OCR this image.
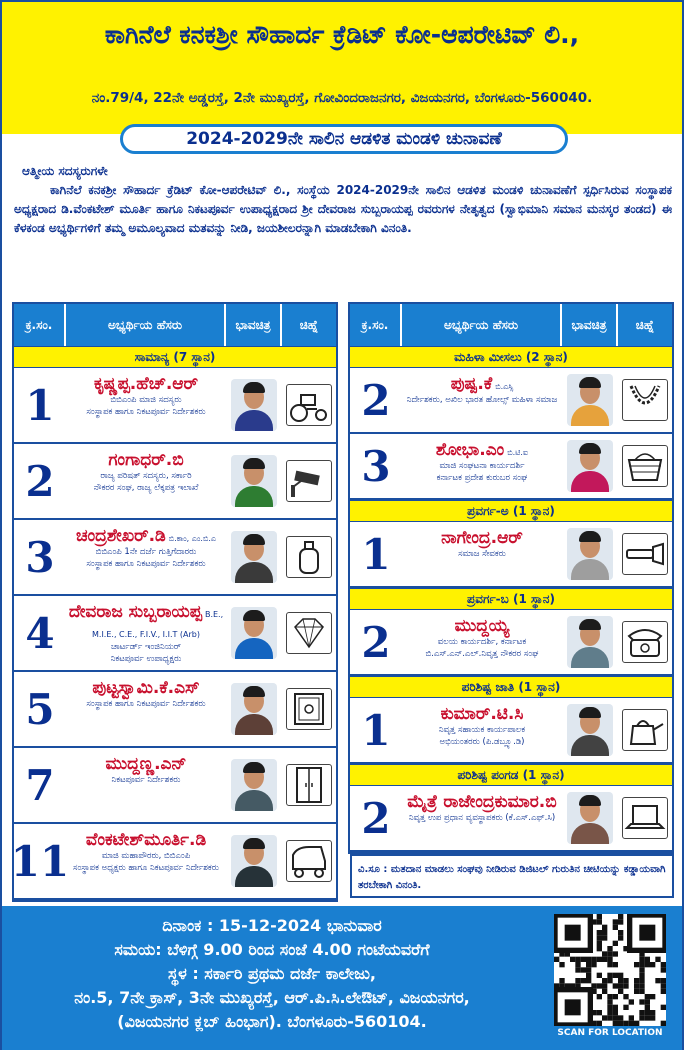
ಕಾಗಿನೆಲೆ ಕನಕಶ್ರೀ ಸೌಹಾರ್ದ ಕ್ರೆಡಿಟ್ ಕೋ-ಆಪರೇಟಿವ್ ಲಿ.,
ನಂ.79/4, 22ನೇ ಅಡ್ಡರಸ್ತೆ, 2ನೇ ಮುಖ್ಯರಸ್ತೆ, ಗೋವಿಂದರಾಜನಗರ, ವಿಜಯನಗರ, ಬೆಂಗಳೂರು-560040.
2024-2029ನೇ ಸಾಲಿನ ಆಡಳಿತ ಮಂಡಳಿ ಚುನಾವಣೆ
ಆತ್ಮೀಯ ಸದಸ್ಯರುಗಳೇ
ಕಾಗಿನೆಲೆ ಕನಕಶ್ರೀ ಸೌಹಾರ್ದ ಕ್ರೆಡಿಟ್ ಕೋ-ಆಪರೇಟಿವ್ ಲಿ., ಸಂಸ್ಥೆಯ 2024-2029ನೇ ಸಾಲಿನ ಆಡಳಿತ ಮಂಡಳಿ ಚುನಾವಣೆಗೆ ಸ್ಪರ್ಧಿಸಿರುವ ಸಂಸ್ಥಾಪಕ ಅಧ್ಯಕ್ಷರಾದ ಡಿ.ವೆಂಕಟೇಶ್ ಮೂರ್ತಿ ಹಾಗೂ ನಿಕಟಪೂರ್ವ ಉಪಾಧ್ಯಕ್ಷರಾದ ಶ್ರೀ ದೇವರಾಜ ಸುಬ್ಬರಾಯಪ್ಪ ರವರುಗಳ ನೇತೃತ್ವದ (ಸ್ವಾಭಿಮಾನಿ ಸಮಾನ ಮನಸ್ಕರ ತಂಡದ) ಈ ಕೆಳಕಂಡ ಅಭ್ಯರ್ಥಿಗಳಿಗೆ ತಮ್ಮ ಅಮೂಲ್ಯವಾದ ಮತವನ್ನು ನೀಡಿ, ಜಯಶೀಲರನ್ನಾಗಿ ಮಾಡಬೇಕಾಗಿ ವಿನಂತಿ.
ಕ್ರ.ಸಂ.	ಅಭ್ಯರ್ಥಿಯ ಹೆಸರು	ಭಾವಚಿತ್ರ	ಚಿಹ್ನೆ
ಸಾಮಾನ್ಯ (7 ಸ್ಥಾನ)
1	ಕೃಷ್ಣಪ್ಪ.ಹೆಚ್.ಆರ್
ಬಿಬಿಎಂಪಿ ಮಾಜಿ ಸದಸ್ಯರು
ಸಂಸ್ಥಾಪಕ ಹಾಗೂ ನಿಕಟಪೂರ್ವ ನಿರ್ದೇಶಕರು
2	ಗಂಗಾಧರ್.ಬಿ
ರಾಜ್ಯ ಪರಿಷತ್ ಸದಸ್ಯರು, ಸರ್ಕಾರಿ
ನೌಕರರ ಸಂಘ, ರಾಜ್ಯ ಲೆಕ್ಕಪತ್ರ ಇಲಾಖೆ
3	ಚಂದ್ರಶೇಖರ್.ಡಿ ಬಿ.ಕಾಂ, ಎಂ.ಬಿ.ಎ
ಬಿಬಿಎಂಪಿ 1ನೇ ದರ್ಜೆ ಗುತ್ತಿಗೆದಾರರು
ಸಂಸ್ಥಾಪಕ ಹಾಗೂ ನಿಕಟಪೂರ್ವ ನಿರ್ದೇಶಕರು
4 ದೇವರಾಜ ಸುಬ್ಬರಾಯಪ್ಪ B.E., M.I.E., C.E., F.I.V., I.I.T (Arb)
ಚಾರ್ಟರ್ಡ್ ಇಂಜಿನಿಯರ್
ನಿಕಟಪೂರ್ವ ಉಪಾಧ್ಯಕ್ಷರು
5	ಪುಟ್ಟಸ್ವಾಮಿ.ಕೆ.ಎಸ್
ಸಂಸ್ಥಾಪಕ ಹಾಗೂ ನಿಕಟಪೂರ್ವ ನಿರ್ದೇಶಕರು
7	ಮುದ್ದಣ್ಣ.ಎನ್
ನಿಕಟಪೂರ್ವ ನಿರ್ದೇಶಕರು
11 ವೆಂಕಟೇಶ್‌ಮೂರ್ತಿ.ಡಿ
ಮಾಜಿ ಮಹಾಪೌರರು, ಬಿಬಿಎಂಪಿ
ಸಂಸ್ಥಾಪಕ ಅಧ್ಯಕ್ಷರು ಹಾಗೂ ನಿಕಟಪೂರ್ವ ನಿರ್ದೇಶಕರು
ಕ್ರ.ಸಂ.	ಅಭ್ಯರ್ಥಿಯ ಹೆಸರು	ಭಾವಚಿತ್ರ	ಚಿಹ್ನೆ
ಮಹಿಳಾ ಮೀಸಲು (2 ಸ್ಥಾನ)
2	ಪುಷ್ಪ.ಕೆ ಬಿ.ಎಸ್ಸಿ
ನಿರ್ದೇಶಕರು, ಅಖಿಲ ಭಾರತ ಹೋಲ್ಸ್‌ ಮಹಿಳಾ ಸಮಾಜ
3	ಶೋಭಾ.ಎಂ ಬಿ.ಟಿ.ಐ
ಮಾಜಿ ಸಂಘಟನಾ ಕಾರ್ಯದರ್ಶಿ
ಕರ್ನಾಟಕ ಪ್ರದೇಶ ಕುರುಬರ ಸಂಘ
ಪ್ರವರ್ಗ-ಅ (1 ಸ್ಥಾನ)
1	ನಾಗೇಂದ್ರ.ಆರ್
ಸಮಾಜ ಸೇವಕರು
ಪ್ರವರ್ಗ-ಬ (1 ಸ್ಥಾನ)
2	ಮುದ್ದಯ್ಯ
ವಲಯ ಕಾರ್ಯದರ್ಶಿ, ಕರ್ನಾಟಕ
ಬಿ.ಎಸ್.ಎನ್.ಎಲ್.ನಿವೃತ್ತ ನೌಕರರ ಸಂಘ
ಪರಿಶಿಷ್ಟ ಜಾತಿ (1 ಸ್ಥಾನ)
1	ಕುಮಾರ್.ಟಿ.ಸಿ
ನಿವೃತ್ತ ಸಹಾಯಕ ಕಾರ್ಯಪಾಲಕ
ಅಭಿಯಂತರರು (ಪಿ.ಡಬ್ಲ್ಯೂ.ಡಿ)
ಪರಿಶಿಷ್ಟ ಪಂಗಡ (1 ಸ್ಥಾನ)
2 ಮೈತ್ರೆ ರಾಜೇಂದ್ರಕುಮಾರ.ಬಿ
ನಿವೃತ್ತ ಉಪ ಪ್ರಧಾನ ವ್ಯವಸ್ಥಾಪಕರು (ಕೆ.ಎಸ್.ಎಫ್.ಸಿ)
ವಿ.ಸೂ : ಮತದಾನ ಮಾಡಲು ಸಂಘವು ನೀಡಿರುವ ಡಿಜಿಟಲ್ ಗುರುತಿನ ಚೀಟಿಯನ್ನು ಕಡ್ಡಾಯವಾಗಿ ತರಬೇಕಾಗಿ ವಿನಂತಿ.
ದಿನಾಂಕ : 15-12-2024 ಭಾನುವಾರ
ಸಮಯ: ಬೆಳಿಗ್ಗೆ 9.00 ರಿಂದ ಸಂಜೆ 4.00 ಗಂಟೆಯವರೆಗೆ
ಸ್ಥಳ : ಸರ್ಕಾರಿ ಪ್ರಥಮ ದರ್ಜೆ ಕಾಲೇಜು,
ನಂ.5, 7ನೇ ಕ್ರಾಸ್, 3ನೇ ಮುಖ್ಯರಸ್ತೆ, ಆರ್.ಪಿ.ಸಿ.ಲೇಔಟ್, ವಿಜಯನಗರ,
(ವಿಜಯನಗರ ಕ್ಲಬ್ ಹಿಂಭಾಗ). ಬೆಂಗಳೂರು-560104.
SCAN FOR LOCATION
